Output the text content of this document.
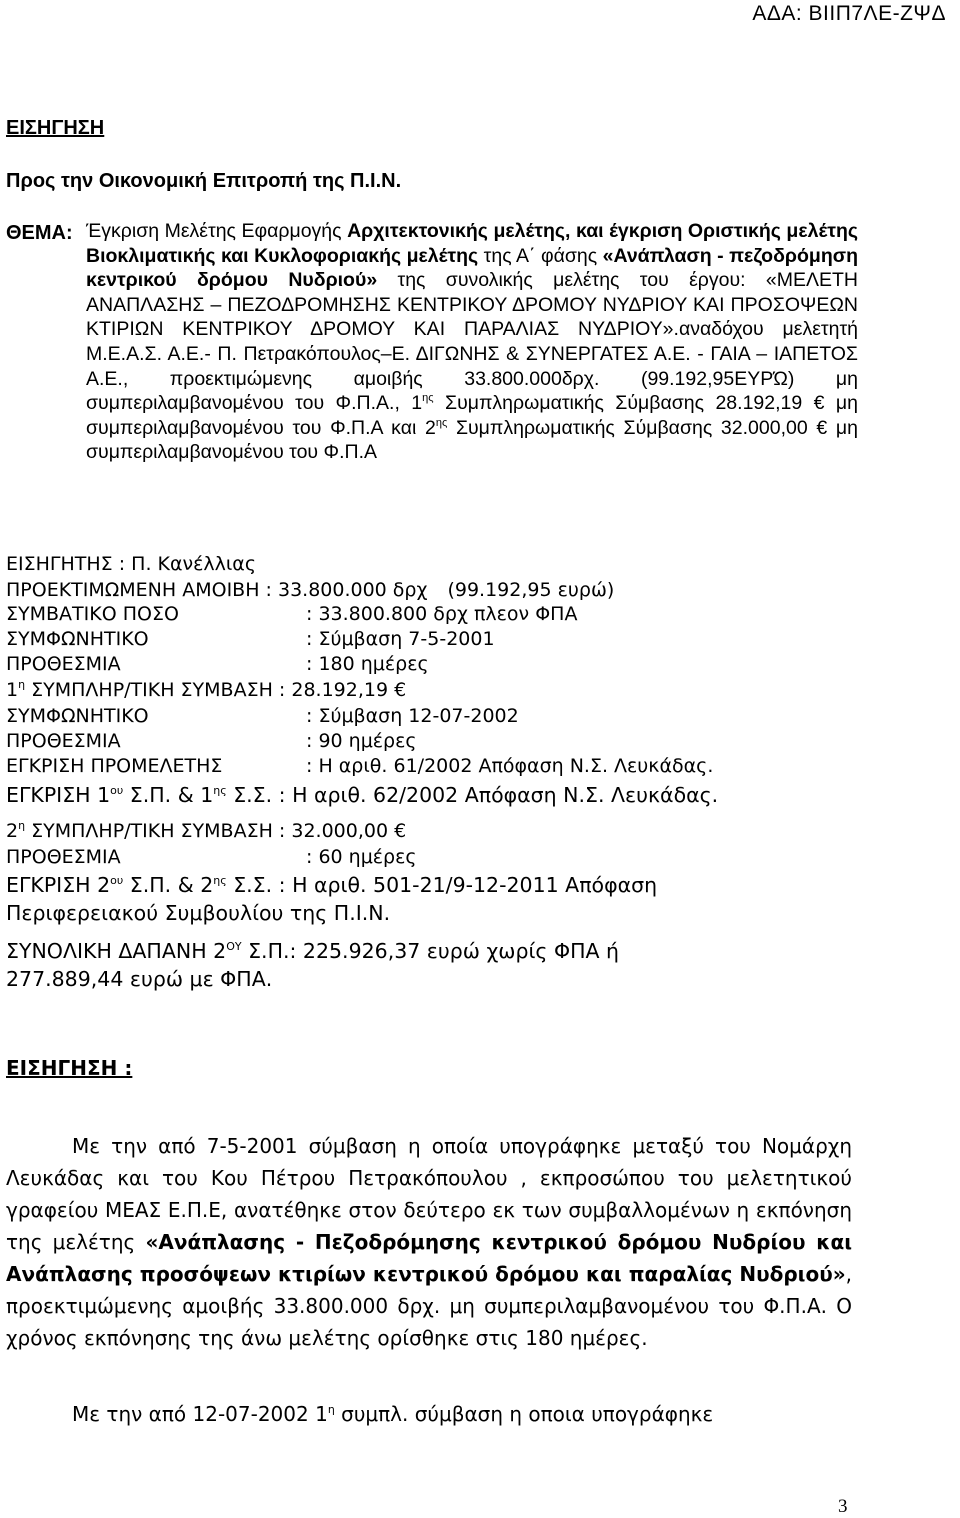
ΑΔΑ: ΒΙΙΠ7ΛΕ-ΖΨΔ
ΕΙΣΗΓΗΣΗ
Προς την Οικονομική Επιτροπή της Π.Ι.Ν.
ΘΕΜΑ: Έγκριση Μελέτης Εφαρμογής Αρχιτεκτονικής μελέτης, και έγκριση Οριστικής μελέτης Βιοκλιματικής και Κυκλοφοριακής μελέτης της Α΄ φάσης «Ανάπλαση - πεζοδρόμηση κεντρικού δρόμου Νυδριού» της συνολικής μελέτης του έργου: «ΜΕΛΕΤΗ ΑΝΑΠΛΑΣΗΣ – ΠΕΖΟΔΡΟΜΗΣΗΣ ΚΕΝΤΡΙΚΟΥ ΔΡΟΜΟΥ ΝΥΔΡΙΟΥ ΚΑΙ ΠΡΟΣΟΨΕΩΝ ΚΤΙΡΙΩΝ ΚΕΝΤΡΙΚΟΥ ΔΡΟΜΟΥ ΚΑΙ ΠΑΡΑΛΙΑΣ ΝΥΔΡΙΟΥ».αναδόχου μελετητή Μ.Ε.Α.Σ. Α.Ε.- Π. Πετρακόπουλος–Ε. ΔΙΓΩΝΗΣ & ΣΥΝΕΡΓΑΤΕΣ Α.Ε. - ΓΑΙΑ – ΙΑΠΕΤΟΣ Α.Ε., προεκτιμώμενης αμοιβής 33.800.000δρχ. (99.192,95ΕΥΡΏ) μη συμπεριλαμβανομένου του Φ.Π.Α., $1^{\eta\varsigma}$ Συμπληρωματικής Σύμβασης 28.192,19 € μη συμπεριλαμβανομένου του Φ.Π.Α και $2^{\eta\varsigma}$ Συμπληρωματικής Σύμβασης 32.000,00 € μη συμπεριλαμβανομένου του Φ.Π.Α
ΕΙΣΗΓΗΤΗΣ : Π. Κανέλλιας
ΠΡΟΕΚΤΙΜΩΜΕΝΗ ΑΜΟΙΒΗ : 33.800.000 δρχ (99.192,95 ευρώ)
ΣΥΜΒΑΤΙΚΟ ΠΟΣΟ	: 33.800.800 δρχ πλεον ΦΠΑ
ΣΥΜΦΩΝΗΤΙΚΟ	: Σύμβαση 7-5-2001
ΠΡΟΘΕΣΜΙΑ	: 180 ημέρες
$1^\eta$ ΣΥΜΠΛΗΡ/ΤΙΚΗ ΣΥΜΒΑΣΗ : 28.192,19 €
ΣΥΜΦΩΝΗΤΙΚΟ	: Σύμβαση 12-07-2002
ΠΡΟΘΕΣΜΙΑ	: 90 ημέρες
ΕΓΚΡΙΣΗ ΠΡΟΜΕΛΕΤΗΣ	: Η αριθ. 61/2002 Απόφαση Ν.Σ. Λευκάδας.
ΕΓΚΡΙΣΗ $1^{o\upsilon}$ Σ.Π. & $1^{\eta\varsigma}$ Σ.Σ. : Η αριθ. 62/2002 Απόφαση Ν.Σ. Λευκάδας.
$2^\eta$ ΣΥΜΠΛΗΡ/ΤΙΚΗ ΣΥΜΒΑΣΗ : 32.000,00 €
ΠΡΟΘΕΣΜΙΑ	: 60 ημέρες
ΕΓΚΡΙΣΗ $2^{o\upsilon}$ Σ.Π. & $2^{\eta\varsigma}$ Σ.Σ. : Η αριθ. 501-21/9-12-2011 Απόφαση
Περιφερειακού Συμβουλίου της Π.Ι.Ν.
ΣΥΝΟΛΙΚΗ ΔΑΠΑΝΗ $2^{O\Upsilon}$ Σ.Π.: 225.926,37 ευρώ χωρίς ΦΠΑ ή
277.889,44 ευρώ με ΦΠΑ.
ΕΙΣΗΓΗΣΗ :

Με την από 7-5-2001 σύμβαση η οποία υπογράφηκε μεταξύ του Νομάρχη Λευκάδας και του Κου Πέτρου Πετρακόπουλου , εκπροσώπου του μελετητικού γραφείου ΜΕΑΣ Ε.Π.Ε, ανατέθηκε στον δεύτερο εκ των συμβαλλομένων η εκπόνηση της μελέτης «Ανάπλασης - Πεζοδρόμησης κεντρικού δρόμου Νυδρίου και Ανάπλασης προσόψεων κτιρίων κεντρικού δρόμου και παραλίας Νυδριού», προεκτιμώμενης αμοιβής 33.800.000 δρχ. μη συμπεριλαμβανομένου του Φ.Π.Α. Ο χρόνος εκπόνησης της άνω μελέτης ορίσθηκε στις 180 ημέρες.

Με την από 12-07-2002 $1^\eta$ συμπλ. σύμβαση η οποια υπογράφηκε
3
